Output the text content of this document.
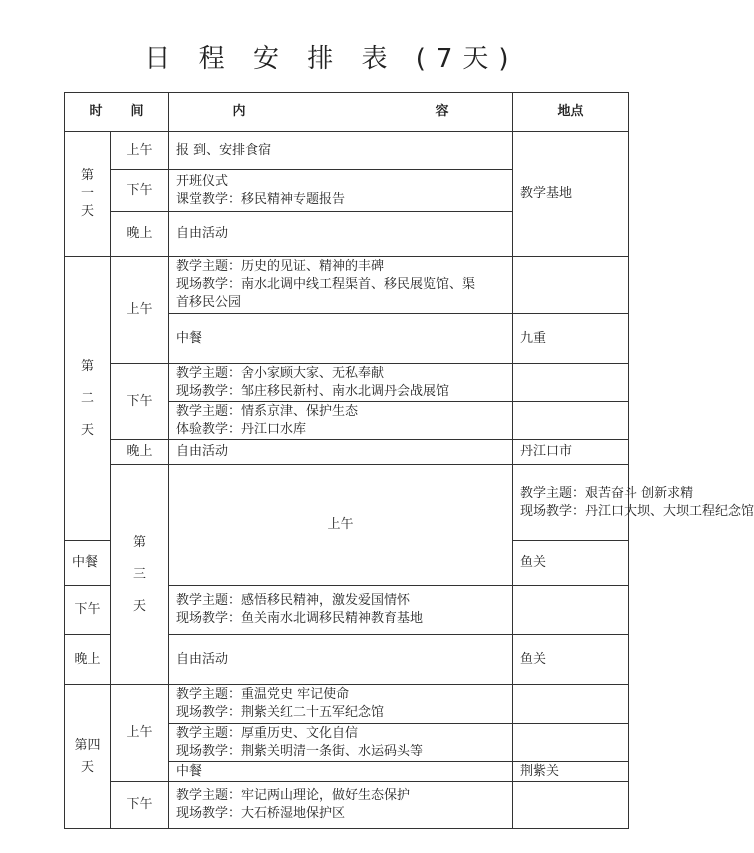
日 程 安 排 表 (7天)
时 间		内 容	地点	

第
一
天	上午	报 到、安排食宿	教学基地	
	下午	开班仪式
课堂教学：移民精神专题报告		

	晚上	自由活动		

第
二
天	上午	教学主题：历史的见证、精神的丰碑
现场教学：南水北调中线工程渠首、移民展览馆、渠
首移民公园		

		中餐	九重	
	下午	教学主题：舍小家顾大家、无私奉献
现场教学：邹庄移民新村、南水北调丹会战展馆		

		教学主题：情系京津、保护生态
体验教学：丹江口水库		

	晚上	自由活动	丹江口市	

	第
三
天	上午	教学主题：艰苦奋斗 创新求精
现场教学：丹江口大坝、大坝工程纪念馆	

中餐			鱼关	
下午		教学主题：感悟移民精神，激发爱国情怀
现场教学：鱼关南水北调移民精神教育基地		

晚上		自由活动	鱼关	

第四
天	上午	教学主题：重温党史 牢记使命
现场教学：荆紫关红二十五军纪念馆		

		教学主题：厚重历史、文化自信
现场教学：荆紫关明清一条街、水运码头等		

		中餐	荆紫关	
	下午	教学主题：牢记两山理论，做好生态保护
现场教学：大石桥湿地保护区		
